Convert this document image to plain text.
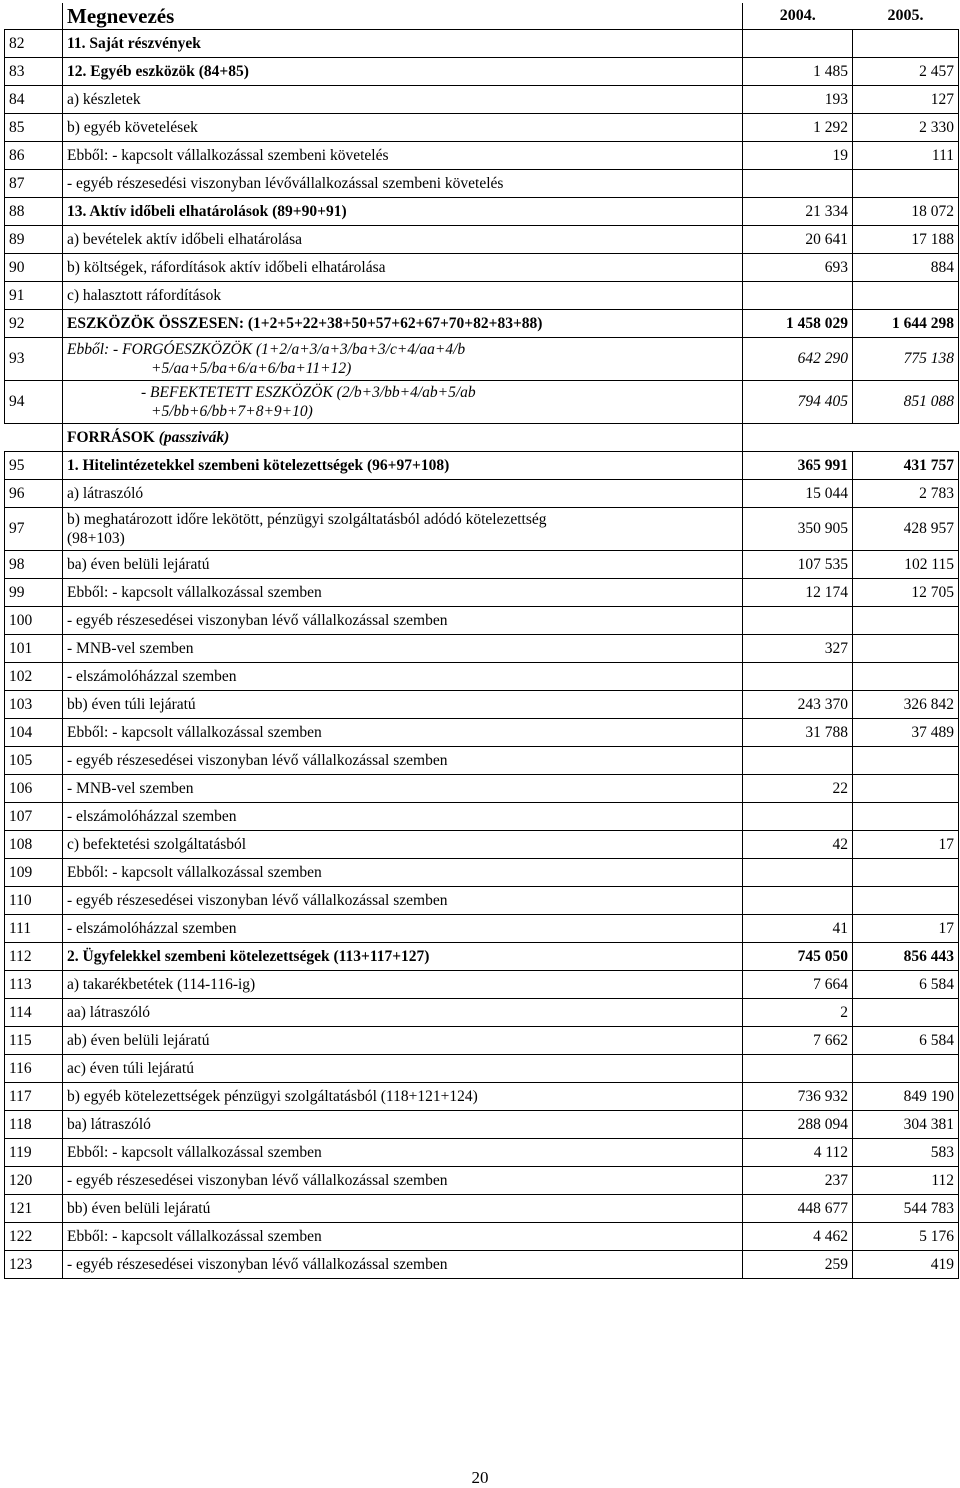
	Megnevezés	2004.	2005.
82	11. Saját részvények		
83	12. Egyéb eszközök (84+85)	1 485	2 457
84	a) készletek	193	127
85	b) egyéb követelések	1 292	2 330
86	Ebből: - kapcsolt vállalkozással szembeni követelés	19	111
87	- egyéb részesedési viszonyban lévővállalkozással szembeni követelés		
88	13. Aktív időbeli elhatárolások (89+90+91)	21 334	18 072
89	a) bevételek aktív időbeli elhatárolása	20 641	17 188
90	b) költségek, ráfordítások aktív időbeli elhatárolása	693	884
91	c) halasztott ráfordítások		
92	ESZKÖZÖK ÖSSZESEN: (1+2+5+22+38+50+57+62+67+70+82+83+88)	1 458 029	1 644 298
93	Ebből: - FORGÓESZKÖZÖK (1+2/a+3/a+3/ba+3/c+4/aa+4/b
+5/aa+5/ba+6/a+6/ba+11+12)	642 290	775 138
94	- BEFEKTETETT ESZKÖZÖK (2/b+3/bb+4/ab+5/ab
+5/bb+6/bb+7+8+9+10)	794 405	851 088
	FORRÁSOK (passzivák)		
95	1. Hitelintézetekkel szembeni kötelezettségek (96+97+108)	365 991	431 757
96	a) látraszóló	15 044	2 783
97	b) meghatározott időre lekötött, pénzügyi szolgáltatásból adódó kötelezettség
(98+103)	350 905	428 957
98	ba) éven belüli lejáratú	107 535	102 115
99	Ebből: - kapcsolt vállalkozással szemben	12 174	12 705
100	- egyéb részesedései viszonyban lévő vállalkozással szemben		
101	- MNB-vel szemben	327	
102	- elszámolóházzal szemben		
103	bb) éven túli lejáratú	243 370	326 842
104	Ebből: - kapcsolt vállalkozással szemben	31 788	37 489
105	- egyéb részesedései viszonyban lévő vállalkozással szemben		
106	- MNB-vel szemben	22	
107	- elszámolóházzal szemben		
108	c) befektetési szolgáltatásból	42	17
109	Ebből: - kapcsolt vállalkozással szemben		
110	- egyéb részesedései viszonyban lévő vállalkozással szemben		
111	- elszámolóházzal szemben	41	17
112	2. Ügyfelekkel szembeni kötelezettségek (113+117+127)	745 050	856 443
113	a) takarékbetétek (114-116-ig)	7 664	6 584
114	aa) látraszóló	2	
115	ab) éven belüli lejáratú	7 662	6 584
116	ac) éven túli lejáratú		
117	b) egyéb kötelezettségek pénzügyi szolgáltatásból (118+121+124)	736 932	849 190
118	ba) látraszóló	288 094	304 381
119	Ebből: - kapcsolt vállalkozással szemben	4 112	583
120	- egyéb részesedései viszonyban lévő vállalkozással szemben	237	112
121	bb) éven belüli lejáratú	448 677	544 783
122	Ebből: - kapcsolt vállalkozással szemben	4 462	5 176
123	- egyéb részesedései viszonyban lévő vállalkozással szemben	259	419
20
